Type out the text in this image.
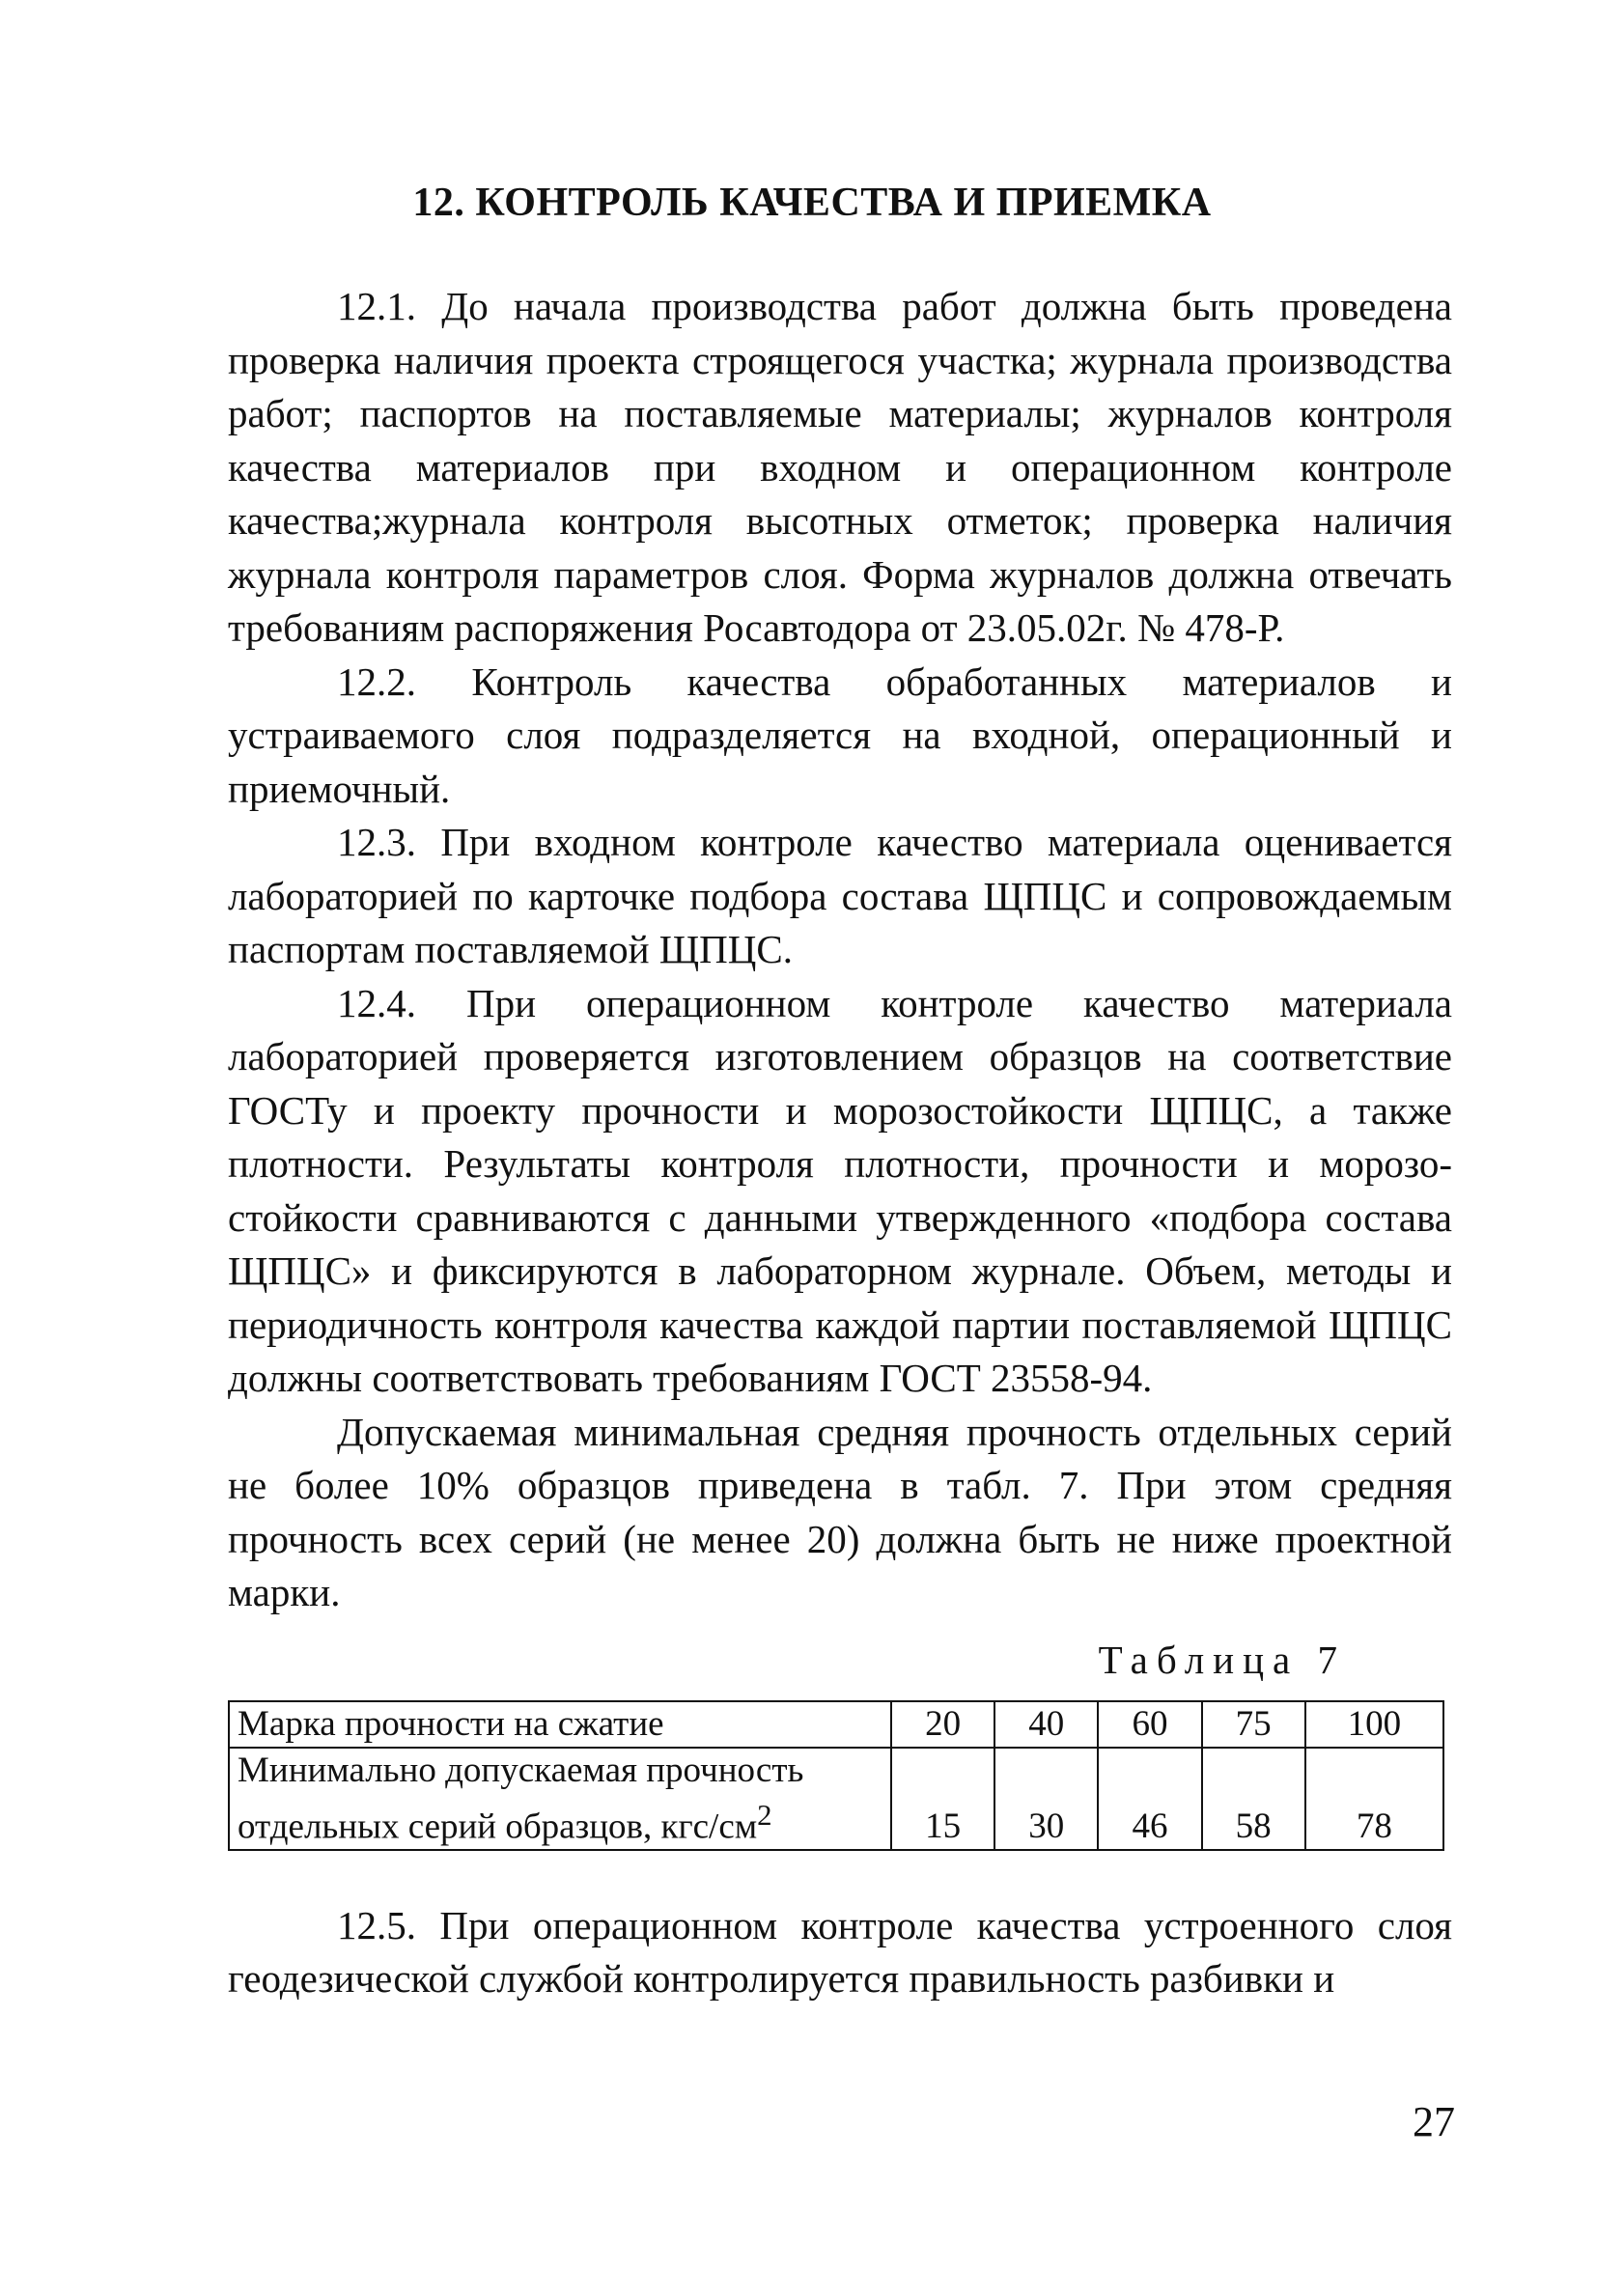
12. КОНТРОЛЬ КАЧЕСТВА И ПРИЕМКА

12.1. До начала производства работ должна быть проведена проверка наличия проекта строящегося участка; журнала производства работ; паспортов на поставляемые материалы; журналов контроля качества материалов при входном и операционном контроле качества;журнала контроля высотных отметок; проверка наличия журнала контроля параметров слоя. Форма журналов должна отвечать требованиям распоряжения Росавтодора от 23.05.02г. № 478-Р.

12.2. Контроль качества обработанных материалов и устраиваемого слоя подразделяется на входной, операционный и приемочный.

12.3. При входном контроле качество материала оценивается лабораторией по карточке подбора состава ЩПЦС и сопровождаемым паспортам поставляемой ЩПЦС.

12.4. При операционном контроле качество материала лабораторией проверяется изготовлением образцов на соответствие ГОСТу и проекту прочности и морозостойкости ЩПЦС, а также плотности. Результаты контроля плотности, прочности и морозостойкости сравниваются с данными утвержденного «подбора состава ЩПЦС» и фиксируются в лабораторном журнале. Объем, методы и периодичность контроля качества каждой партии поставляемой ЩПЦС должны соответствовать требованиям ГОСТ 23558-94.

Допускаемая минимальная средняя прочность отдельных серий не более 10% образцов приведена в табл. 7. При этом средняя прочность всех серий (не менее 20) должна быть не ниже проектной марки.

Таблица 7
Марка прочности на сжатие	20	40	60	75	100
Минимально допускаемая прочность
отдельных серий образцов, кгс/$см^2$	15	30	46	58	78

12.5. При операционном контроле качества устроенного слоя геодезической службой контролируется правильность разбивки и

27
